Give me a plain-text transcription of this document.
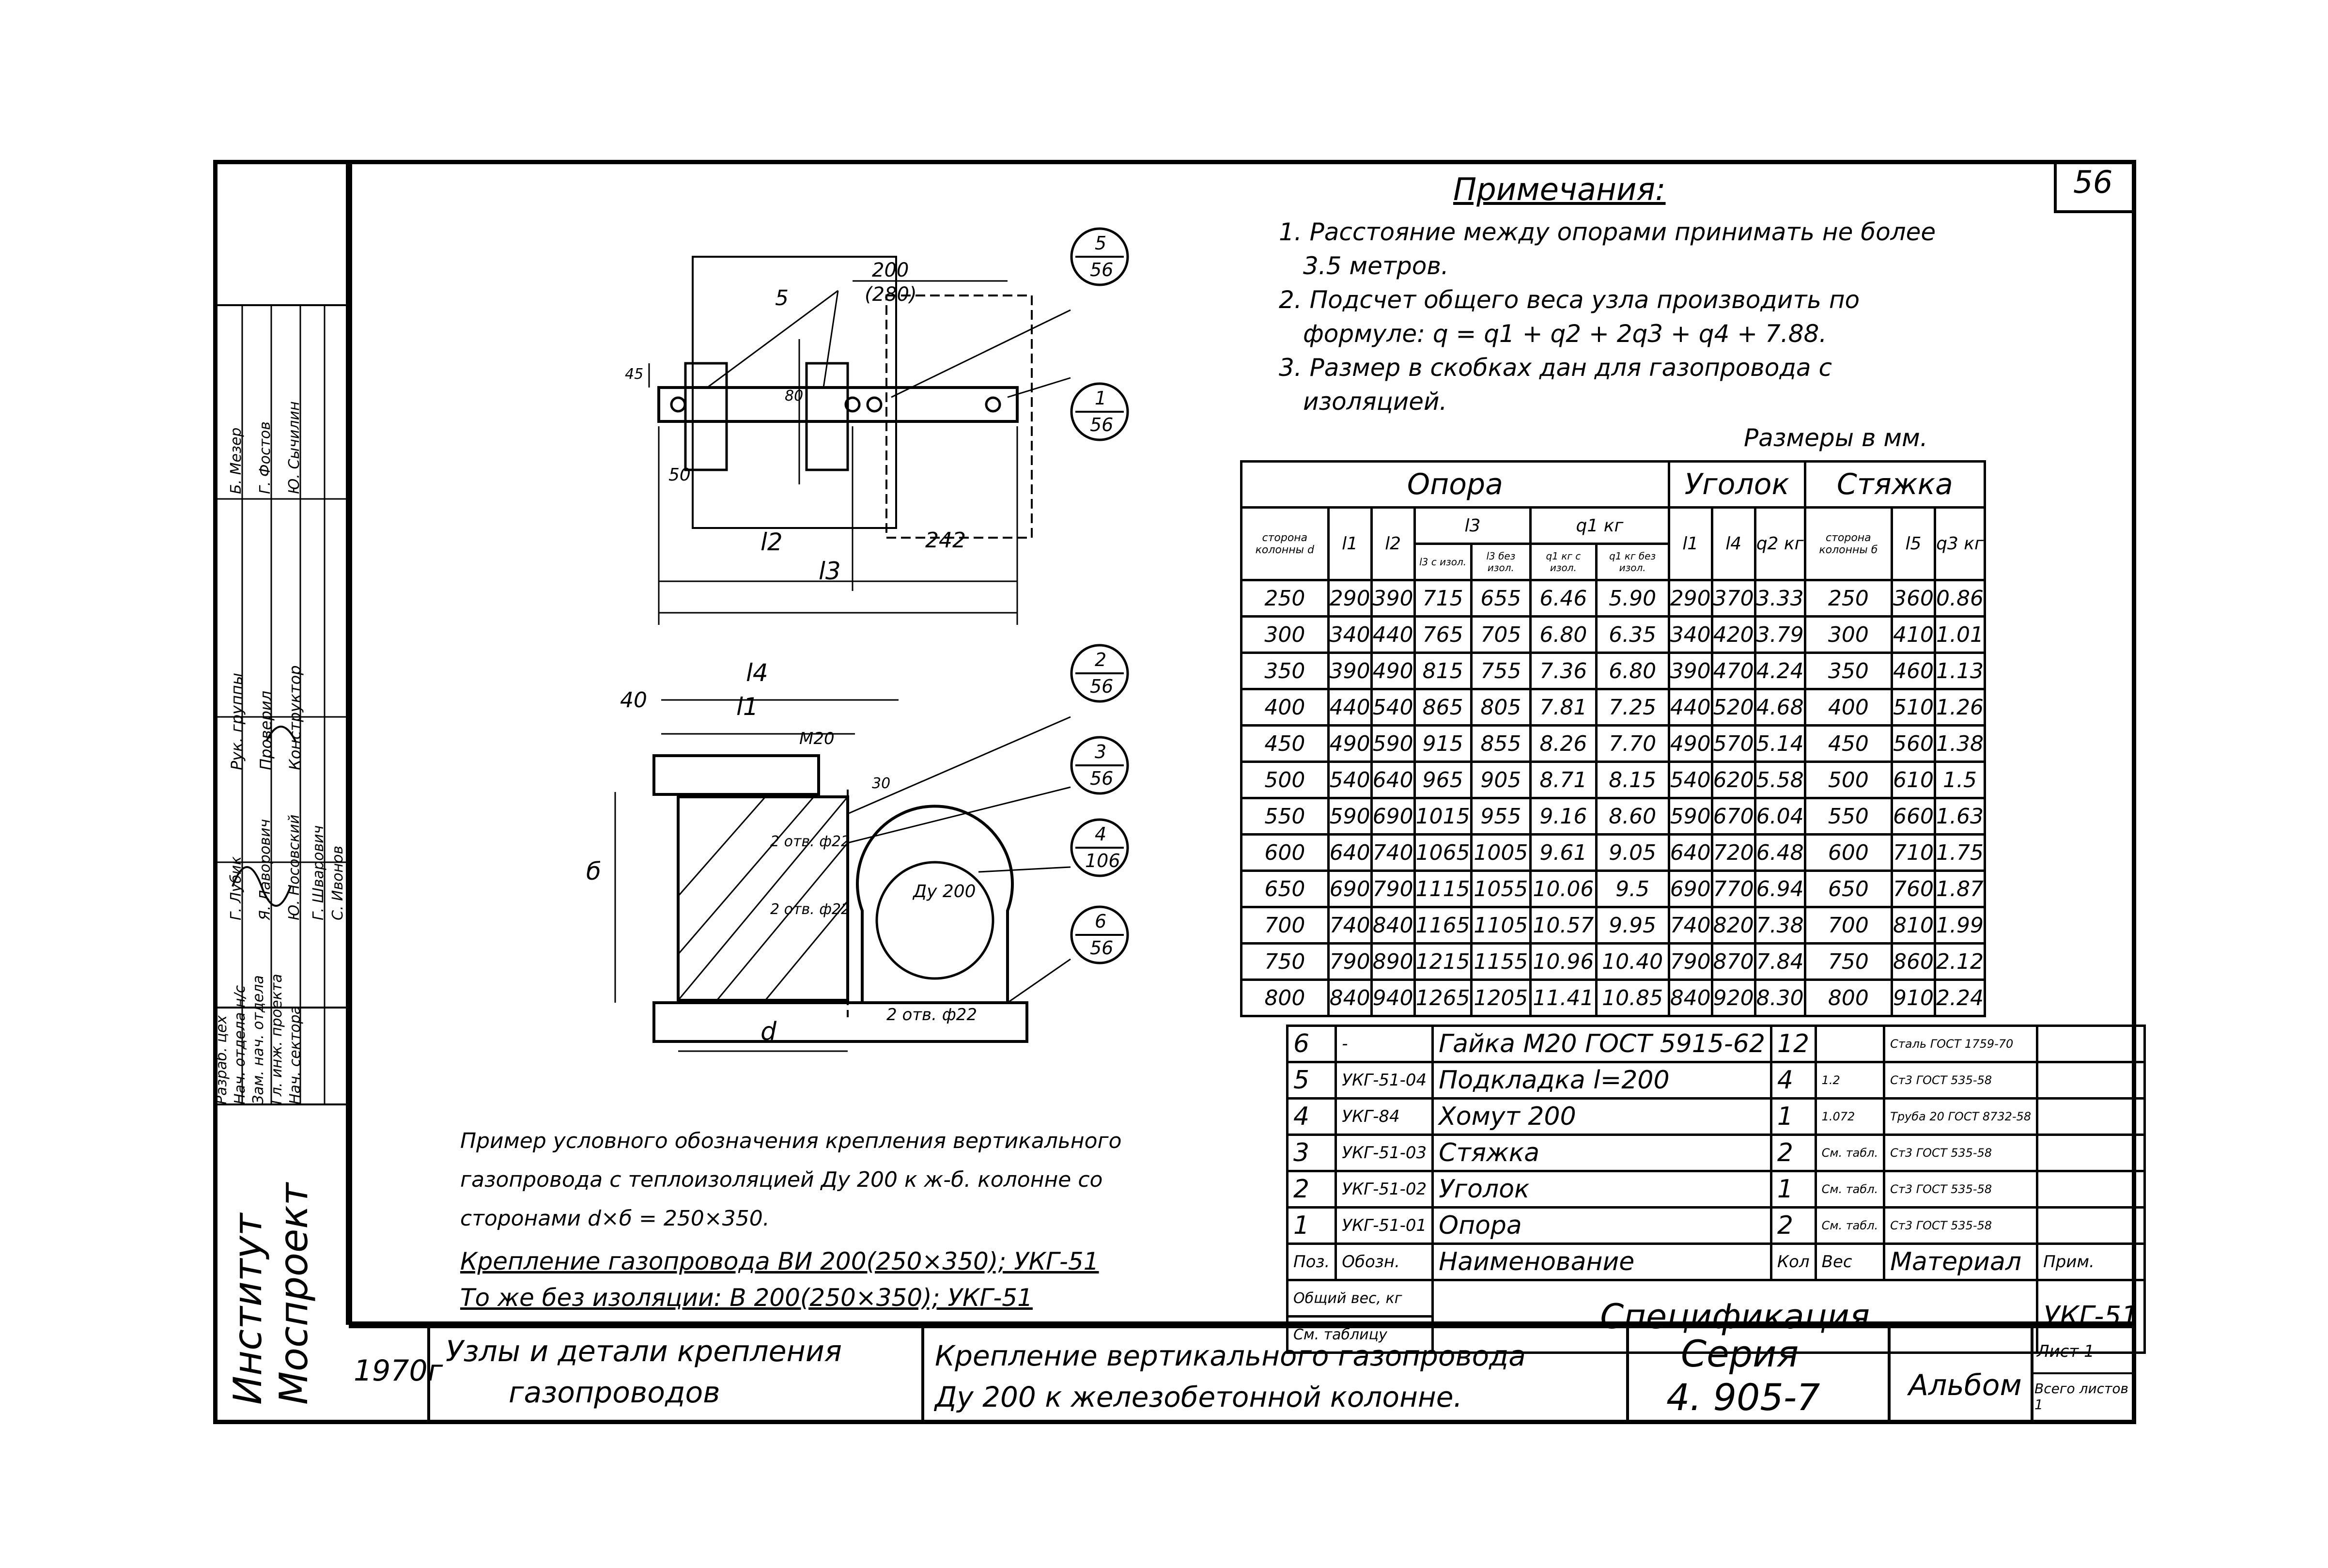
56
Институт Моспроект
Разраб. цех Нач. отдела н/с Зам. нач. отдела Гл. инж. проекта Нач. сектора
Рук. группы Проверил Конструктор
Б. Мезер Г. Фостов Ю. Сычилин
Г. Лубик Я. Лаворович Ю. Носовский Г. Шварович С. Ивонов
1970г
Узлы и детали крепления
газопроводов
Крепление вертикального газопровода
Ду 200 к железобетонной колонне.
Серия
4. 905-7	Альбом
Лист 1
Всего листов 1
Примечания:
1. Расстояние между опорами принимать не более
3.5 метров.
2. Подсчет общего веса узла производить по
формуле: q = q1 + q2 + 2q3 + q4 + 7.88.
3. Размер в скобках дан для газопровода с
изоляцией.
Размеры в мм.
Опора							Уголок			Стяжка		
сторона колонны d	l1	l2	l3		q1 кг		l1	l4	q2 кг	сторона колонны б	l5	q3 кг
			l3 с изол.	l3 без изол.	q1 кг с изол.	q1 кг без изол.						
250	290	390	715	655	6.46	5.90	290	370	3.33	250	360	0.86
300	340	440	765	705	6.80	6.35	340	420	3.79	300	410	1.01
350	390	490	815	755	7.36	6.80	390	470	4.24	350	460	1.13
400	440	540	865	805	7.81	7.25	440	520	4.68	400	510	1.26
450	490	590	915	855	8.26	7.70	490	570	5.14	450	560	1.38
500	540	640	965	905	8.71	8.15	540	620	5.58	500	610	1.5
550	590	690	1015	955	9.16	8.60	590	670	6.04	550	660	1.63
600	640	740	1065	1005	9.61	9.05	640	720	6.48	600	710	1.75
650	690	790	1115	1055	10.06	9.5	690	770	6.94	650	760	1.87
700	740	840	1165	1105	10.57	9.95	740	820	7.38	700	810	1.99
750	790	890	1215	1155	10.96	10.40	790	870	7.84	750	860	2.12
800	840	940	1265	1205	11.41	10.85	840	920	8.30	800	910	2.24
200
(280)
5
45
50
l2	242
l3
80
5
56
1
56
2
56
3
56
4
106
6
56
l4
40	l1
M20
30
б
2 отв. ф22
2 отв. ф22
Ду 200
d
2 отв. ф22
Пример условного обозначения крепления вертикального
газопровода с теплоизоляцией Ду 200 к ж-б. колонне со
сторонами d×б = 250×350.
Крепление газопровода ВИ 200(250×350); УКГ-51
То же без изоляции: В 200(250×350); УКГ-51
6	-	Гайка М20 ГОСТ 5915-62	12		Сталь ГОСТ 1759-70	
5	УКГ-51-04	Подкладка l=200	4	1.2	Ст3 ГОСТ 535-58	
4	УКГ-84	Хомут 200	1	1.072	Труба 20 ГОСТ 8732-58	
3	УКГ-51-03	Стяжка	2	См. табл.	Ст3 ГОСТ 535-58	
2	УКГ-51-02	Уголок	1	См. табл.	Ст3 ГОСТ 535-58	
1	УКГ-51-01	Опора	2	См. табл.	Ст3 ГОСТ 535-58	
Поз.	Обозн.	Наименование	Кол	Вес	Материал	Прим.
Общий вес, кг		Спецификация				УКГ-51
См. таблицу						
